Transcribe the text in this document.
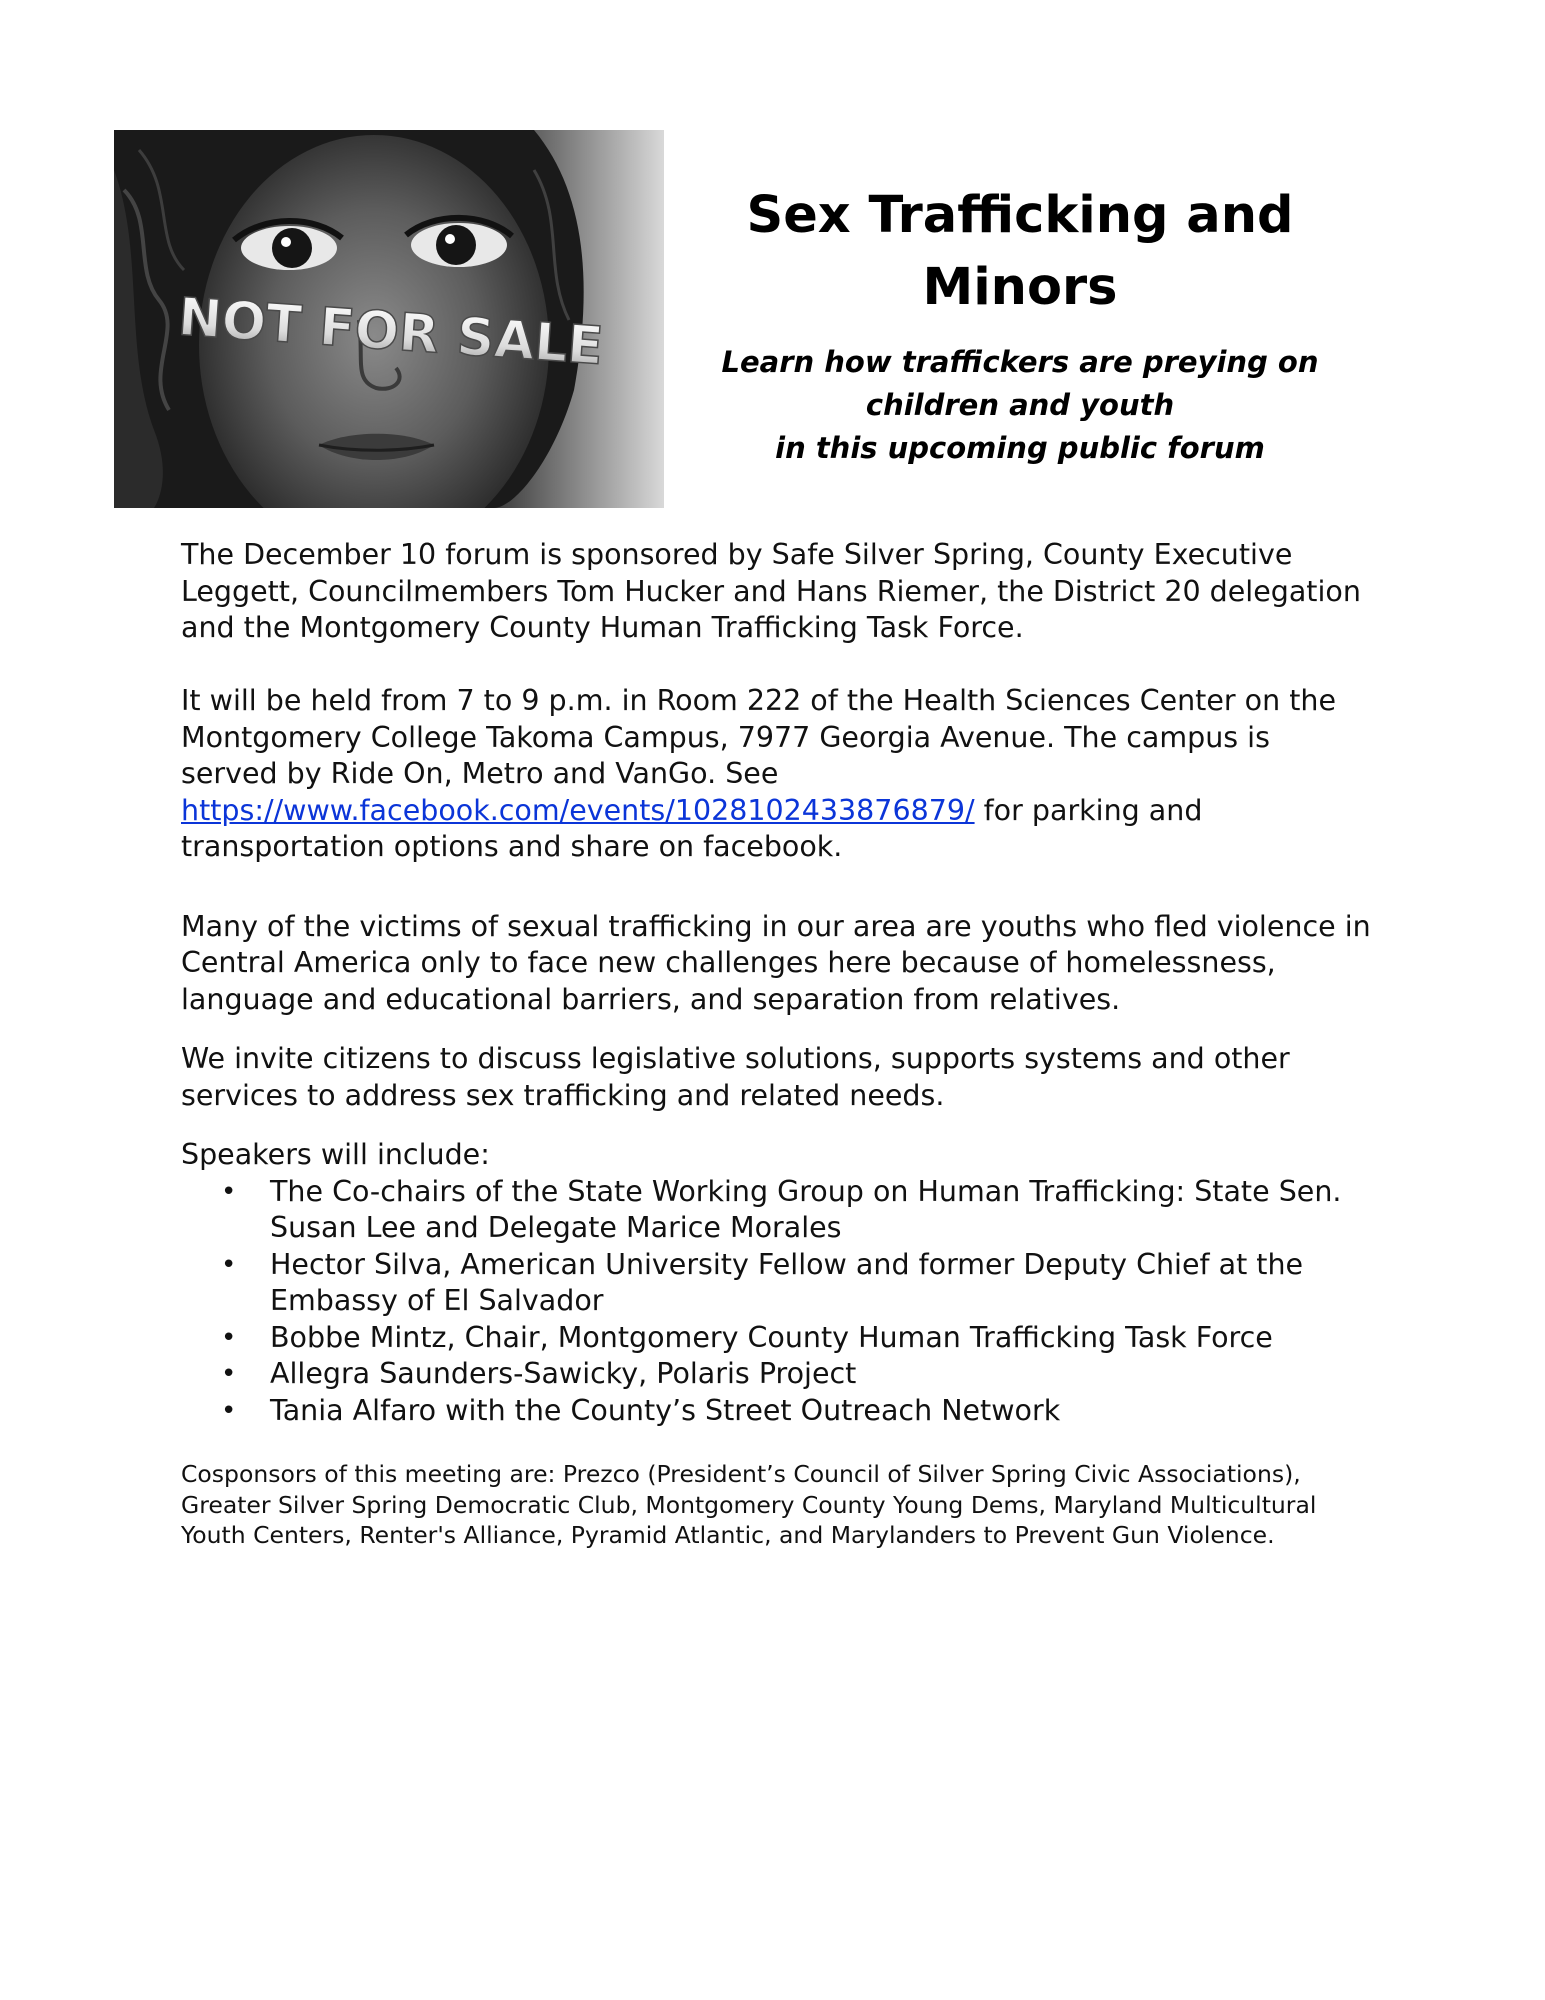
NOT FOR SALE
Sex Trafficking and
Minors
Learn how traffickers are preying on
children and youth
in this upcoming public forum

The December 10 forum is sponsored by Safe Silver Spring, County Executive Leggett, Councilmembers Tom Hucker and Hans Riemer, the District 20 delegation and the Montgomery County Human Trafficking Task Force.

It will be held from 7 to 9 p.m. in Room 222 of the Health Sciences Center on the Montgomery College Takoma Campus, 7977 Georgia Avenue. The campus is served by Ride On, Metro and VanGo. See https://www.facebook.com/events/1028102433876879/ for parking and transportation options and share on facebook.

Many of the victims of sexual trafficking in our area are youths who fled violence in Central America only to face new challenges here because of homelessness, language and educational barriers, and separation from relatives.

We invite citizens to discuss legislative solutions, supports systems and other services to address sex trafficking and related needs.

Speakers will include:

• The Co-chairs of the State Working Group on Human Trafficking: State Sen. Susan Lee and Delegate Marice Morales
• Hector Silva, American University Fellow and former Deputy Chief at the Embassy of El Salvador
• Bobbe Mintz, Chair, Montgomery County Human Trafficking Task Force
• Allegra Saunders-Sawicky, Polaris Project
• Tania Alfaro with the County’s Street Outreach Network

Cosponsors of this meeting are: Prezco (President’s Council of Silver Spring Civic Associations), Greater Silver Spring Democratic Club, Montgomery County Young Dems, Maryland Multicultural Youth Centers, Renter's Alliance, Pyramid Atlantic, and Marylanders to Prevent Gun Violence.
